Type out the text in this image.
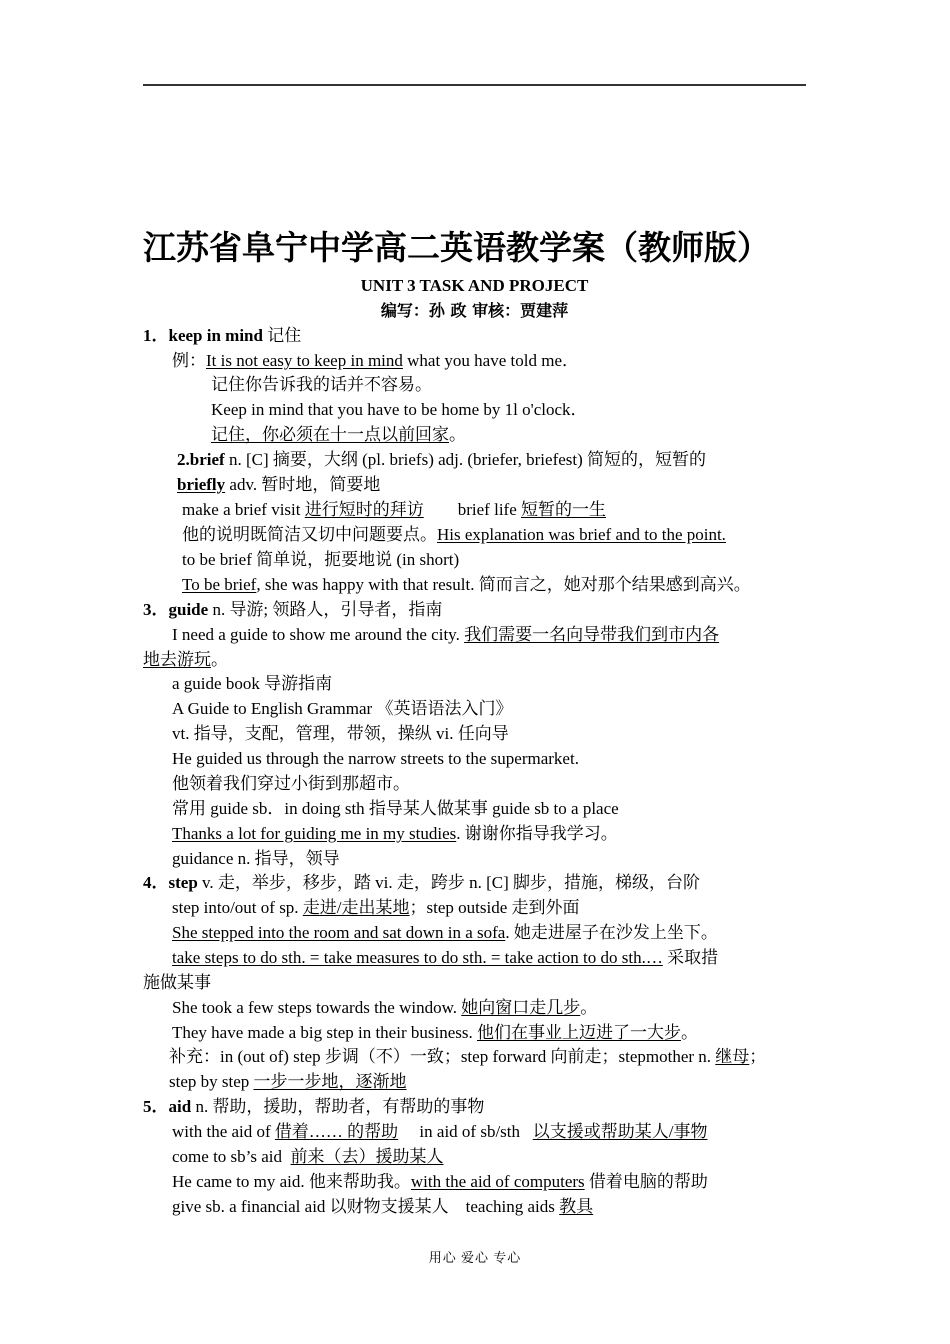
江苏省阜宁中学高二英语教学案（教师版）
UNIT 3 TASK AND PROJECT
编写：孙 政 审核：贾建萍
1．keep in mind 记住
例：It is not easy to keep in mind what you have told me．
记住你告诉我的话并不容易。
Keep in mind that you have to be home by 1l o'clock．
记住，你必须在十一点以前回家。
2.brief n. [C] 摘要，大纲 (pl. briefs) adj. (briefer, briefest) 简短的，短暂的
briefly adv. 暂时地，简要地
make a brief visit 进行短时的拜访        brief life 短暂的一生
他的说明既简洁又切中问题要点。His explanation was brief and to the point.
to be brief 简单说，扼要地说 (in short)
To be brief, she was happy with that result. 简而言之，她对那个结果感到高兴。
3．guide n. 导游; 领路人，引导者，指南
I need a guide to show me around the city. 我们需要一名向导带我们到市内各
地去游玩。
a guide book 导游指南
A Guide to English Grammar 《英语语法入门》
vt. 指导，支配，管理，带领，操纵 vi. 任向导
He guided us through the narrow streets to the supermarket.
他领着我们穿过小街到那超市。
常用 guide sb．in doing sth 指导某人做某事 guide sb to a place
Thanks a lot for guiding me in my studies. 谢谢你指导我学习。
guidance n. 指导，领导
4．step v. 走，举步，移步，踏 vi. 走，跨步 n. [C] 脚步，措施，梯级，台阶
step into/out of sp. 走进/走出某地；step outside 走到外面
She stepped into the room and sat down in a sofa. 她走进屋子在沙发上坐下。
take steps to do sth. = take measures to do sth. = take action to do sth.… 采取措
施做某事
She took a few steps towards the window. 她向窗口走几步。
They have made a big step in their business. 他们在事业上迈进了一大步。
补充：in (out of) step 步调（不）一致；step forward 向前走；stepmother n. 继母；
step by step 一步一步地，逐渐地
5．aid n. 帮助，援助，帮助者，有帮助的事物
with the aid of 借着…… 的帮助     in aid of sb/sth   以支援或帮助某人/事物
come to sb’s aid  前来（去）援助某人
He came to my aid. 他来帮助我。with the aid of computers 借着电脑的帮助
give sb. a financial aid 以财物支援某人    teaching aids 教具
用心 爱心 专心
